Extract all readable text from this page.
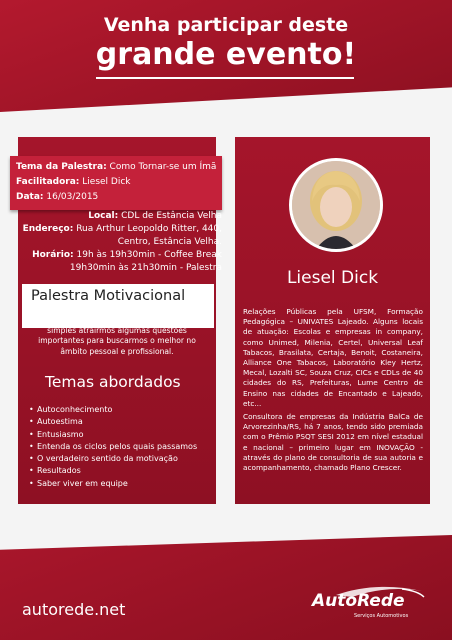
Venha participar deste
grande evento!
Tema da Palestra: Como Tornar-se um Ímã
Facilitadora: Liesel Dick
Data: 16/03/2015
Local: CDL de Estância Velha
Endereço: Rua Arthur Leopoldo Ritter, 440,
Centro, Estância Velha.
Horário: 19h às 19h30min - Coffee Break
19h30min às 21h30min - Palestra
Palestra Motivacional
A palestra tem por objetivo mostrar como é simples atrairmos algumas questões importantes para buscarmos o melhor no âmbito pessoal e profissional.
Temas abordados
• Autoconhecimento
• Autoestima
• Entusiasmo
• Entenda os ciclos pelos quais passamos
• O verdadeiro sentido da motivação
• Resultados
• Saber viver em equipe
Liesel Dick
Relações Públicas pela UFSM, Formação Pedagógica – UNIVATES Lajeado. Alguns locais de atuação: Escolas e empresas in company, como Unimed, Milenia, Certel, Universal Leaf Tabacos, Brasilata, Certaja, Benoit, Costaneira, Alliance One Tabacos, Laboratório Kley Hertz, Mecal, Lozalti SC, Souza Cruz, CICs e CDLs de 40 cidades do RS, Prefeituras, Lume Centro de Ensino nas cidades de Encantado e Lajeado, etc...
Consultora de empresas da Indústria BalCa de Arvorezinha/RS, há 7 anos, tendo sido premiada com o Prêmio PSQT SESI 2012 em nível estadual e nacional – primeiro lugar em INOVAÇÃO - através do plano de consultoria de sua autoria e acompanhamento, chamado Plano Crescer.
autorede.net	AutoRede
Serviços Automotivos
